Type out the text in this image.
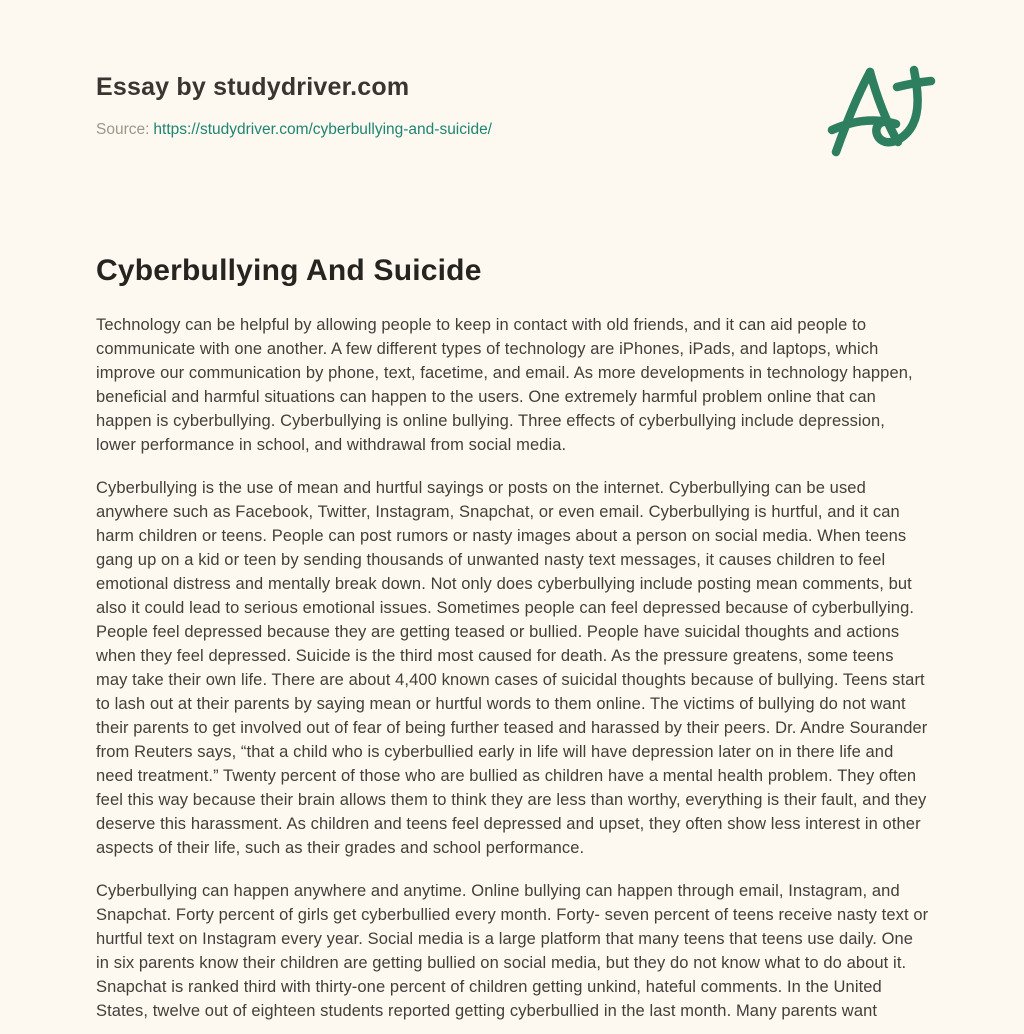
Essay by studydriver.com
Source: https://studydriver.com/cyberbullying-and-suicide/
Cyberbullying And Suicide

Technology can be helpful by allowing people to keep in contact with old friends, and it can aid people to communicate with one another. A few different types of technology are iPhones, iPads, and laptops, which improve our communication by phone, text, facetime, and email. As more developments in technology happen, beneficial and harmful situations can happen to the users. One extremely harmful problem online that can happen is cyberbullying. Cyberbullying is online bullying. Three effects of cyberbullying include depression, lower performance in school, and withdrawal from social media.

Cyberbullying is the use of mean and hurtful sayings or posts on the internet. Cyberbullying can be used anywhere such as Facebook, Twitter, Instagram, Snapchat, or even email. Cyberbullying is hurtful, and it can harm children or teens. People can post rumors or nasty images about a person on social media. When teens gang up on a kid or teen by sending thousands of unwanted nasty text messages, it causes children to feel emotional distress and mentally break down. Not only does cyberbullying include posting mean comments, but also it could lead to serious emotional issues. Sometimes people can feel depressed because of cyberbullying. People feel depressed because they are getting teased or bullied. People have suicidal thoughts and actions when they feel depressed. Suicide is the third most caused for death. As the pressure greatens, some teens may take their own life. There are about 4,400 known cases of suicidal thoughts because of bullying. Teens start to lash out at their parents by saying mean or hurtful words to them online. The victims of bullying do not want their parents to get involved out of fear of being further teased and harassed by their peers. Dr. Andre Sourander from Reuters says, “that a child who is cyberbullied early in life will have depression later on in there life and need treatment.” Twenty percent of those who are bullied as children have a mental health problem. They often feel this way because their brain allows them to think they are less than worthy, everything is their fault, and they deserve this harassment. As children and teens feel depressed and upset, they often show less interest in other aspects of their life, such as their grades and school performance.

Cyberbullying can happen anywhere and anytime. Online bullying can happen through email, Instagram, and Snapchat. Forty percent of girls get cyberbullied every month. Forty- seven percent of teens receive nasty text or hurtful text on Instagram every year. Social media is a large platform that many teens that teens use daily. One in six parents know their children are getting bullied on social media, but they do not know what to do about it. Snapchat is ranked third with thirty-one percent of children getting unkind, hateful comments. In the United States, twelve out of eighteen students reported getting cyberbullied in the last month. Many parents want
